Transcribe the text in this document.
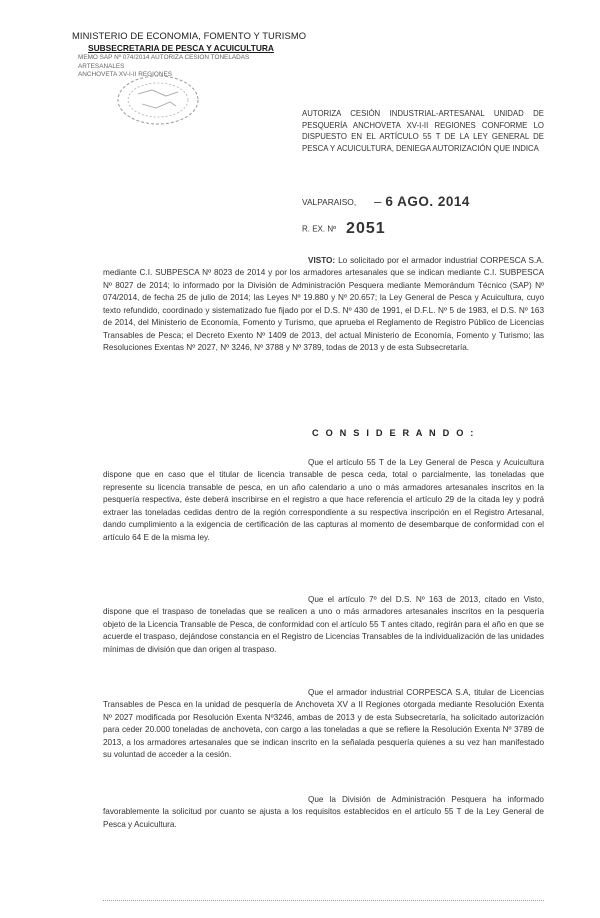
MINISTERIO DE ECONOMIA, FOMENTO Y TURISMO
SUBSECRETARIA DE PESCA Y ACUICULTURA
MEMO SAP Nº 074/2014 AUTORIZA CESION TONELADAS ARTESANALES
ANCHOVETA XV-I-II REGIONES
AUTORIZA CESIÓN INDUSTRIAL-ARTESANAL UNIDAD DE PESQUERÍA ANCHOVETA XV-I-II REGIONES CONFORME LO DISPUESTO EN EL ARTÍCULO 55 T DE LA LEY GENERAL DE PESCA Y ACUICULTURA, DENIEGA AUTORIZACIÓN QUE INDICA
VALPARAISO, – 6 AGO. 2014
R. EX. Nº 2051
VISTO: Lo solicitado por el armador industrial CORPESCA S.A. mediante C.I. SUBPESCA Nº 8023 de 2014 y por los armadores artesanales que se indican mediante C.I. SUBPESCA Nº 8027 de 2014; lo informado por la División de Administración Pesquera mediante Memorándum Técnico (SAP) Nº 074/2014, de fecha 25 de julio de 2014; las Leyes Nº 19.880 y Nº 20.657; la Ley General de Pesca y Acuicultura, cuyo texto refundido, coordinado y sistematizado fue fijado por el D.S. Nº 430 de 1991, el D.F.L. Nº 5 de 1983, el D.S. Nº 163 de 2014, del Ministerio de Economía, Fomento y Turismo, que aprueba el Reglamento de Registro Público de Licencias Transables de Pesca; el Decreto Exento Nº 1409 de 2013, del actual Ministerio de Economía, Fomento y Turismo; las Resoluciones Exentas Nº 2027, Nº 3246, Nº 3788 y Nº 3789, todas de 2013 y de esta Subsecretaría.
C O N S I D E R A N D O :
Que el artículo 55 T de la Ley General de Pesca y Acuicultura dispone que en caso que el titular de licencia transable de pesca ceda, total o parcialmente, las toneladas que represente su licencia transable de pesca, en un año calendario a uno o más armadores artesanales inscritos en la pesquería respectiva, éste deberá inscribirse en el registro a que hace referencia el artículo 29 de la citada ley y podrá extraer las toneladas cedidas dentro de la región correspondiente a su respectiva inscripción en el Registro Artesanal, dando cumplimiento a la exigencia de certificación de las capturas al momento de desembarque de conformidad con el artículo 64 E de la misma ley.
Que el artículo 7º del D.S. Nº 163 de 2013, citado en Visto, dispone que el traspaso de toneladas que se realicen a uno o más armadores artesanales inscritos en la pesquería objeto de la Licencia Transable de Pesca, de conformidad con el artículo 55 T antes citado, regirán para el año en que se acuerde el traspaso, dejándose constancia en el Registro de Licencias Transables de la individualización de las unidades mínimas de división que dan origen al traspaso.
Que el armador industrial CORPESCA S.A, titular de Licencias Transables de Pesca en la unidad de pesquería de Anchoveta XV a II Regiones otorgada mediante Resolución Exenta Nº 2027 modificada por Resolución Exenta Nº3246, ambas de 2013 y de esta Subsecretaría, ha solicitado autorización para ceder 20.000 toneladas de anchoveta, con cargo a las toneladas a que se refiere la Resolución Exenta Nº 3789 de 2013, a los armadores artesanales que se indican inscrito en la señalada pesquería quienes a su vez han manifestado su voluntad de acceder a la cesión.
Que la División de Administración Pesquera ha informado favorablemente la solicitud por cuanto se ajusta a los requisitos establecidos en el artículo 55 T de la Ley General de Pesca y Acuicultura.
